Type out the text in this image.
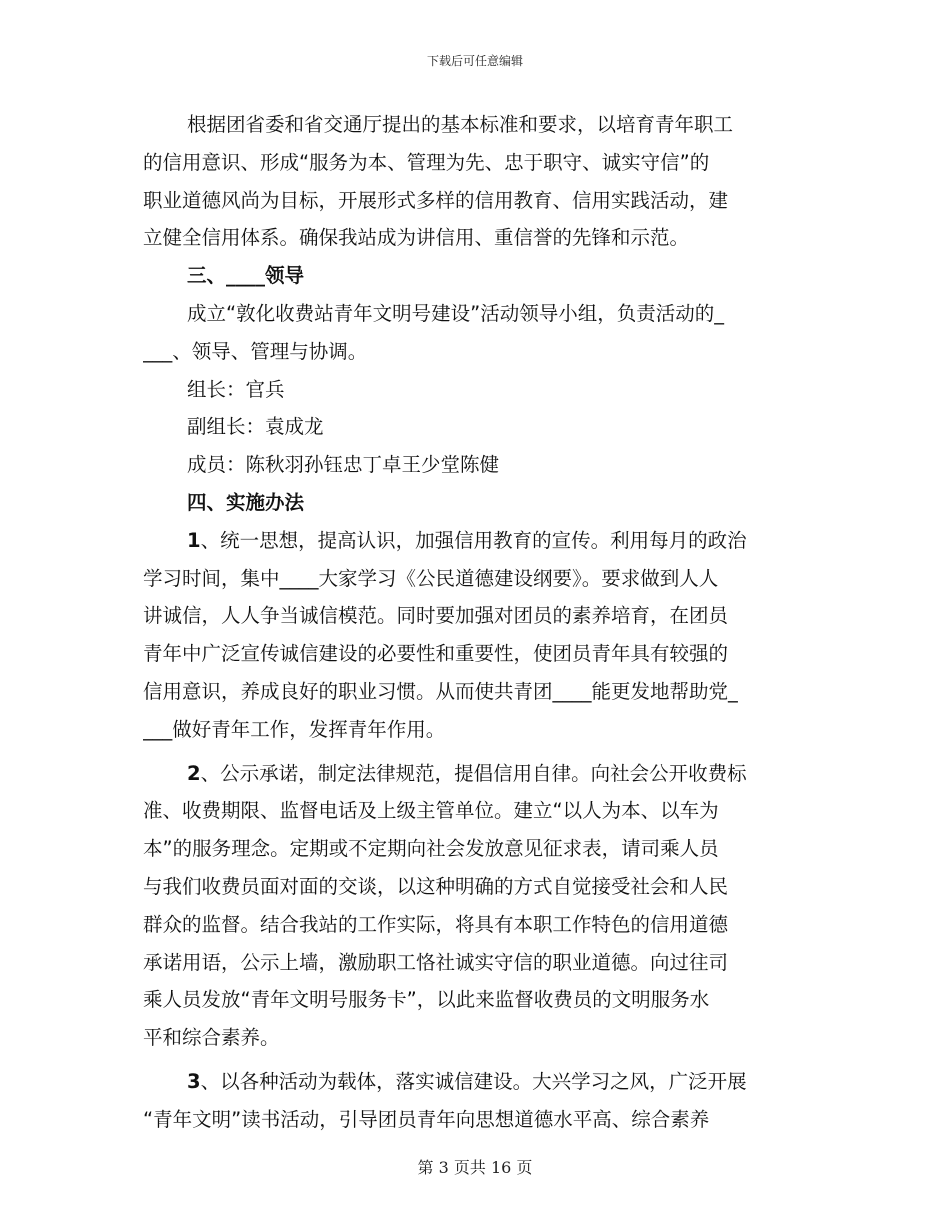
下载后可任意编辑
根据团省委和省交通厅提出的基本标准和要求，以培育青年职工
的信用意识、形成“服务为本、管理为先、忠于职守、诚实守信”的
职业道德风尚为目标，开展形式多样的信用教育、信用实践活动，建
立健全信用体系。确保我站成为讲信用、重信誉的先锋和示范。
三、____领导
成立“敦化收费站青年文明号建设”活动领导小组，负责活动的_
___、领导、管理与协调。
组长：官兵
副组长：袁成龙
成员：陈秋羽孙钰忠丁卓王少堂陈健
四、实施办法
1、统一思想，提高认识，加强信用教育的宣传。利用每月的政治
学习时间，集中____大家学习《公民道德建设纲要》。要求做到人人
讲诚信，人人争当诚信模范。同时要加强对团员的素养培育，在团员
青年中广泛宣传诚信建设的必要性和重要性，使团员青年具有较强的
信用意识，养成良好的职业习惯。从而使共青团____能更发地帮助党_
___做好青年工作，发挥青年作用。
2、公示承诺，制定法律规范，提倡信用自律。向社会公开收费标
准、收费期限、监督电话及上级主管单位。建立“以人为本、以车为
本”的服务理念。定期或不定期向社会发放意见征求表，请司乘人员
与我们收费员面对面的交谈，以这种明确的方式自觉接受社会和人民
群众的监督。结合我站的工作实际，将具有本职工作特色的信用道德
承诺用语，公示上墙，激励职工恪社诚实守信的职业道德。向过往司
乘人员发放“青年文明号服务卡”，以此来监督收费员的文明服务水
平和综合素养。
3、以各种活动为载体，落实诚信建设。大兴学习之风，广泛开展
“青年文明”读书活动，引导团员青年向思想道德水平高、综合素养
第 3 页共 16 页
